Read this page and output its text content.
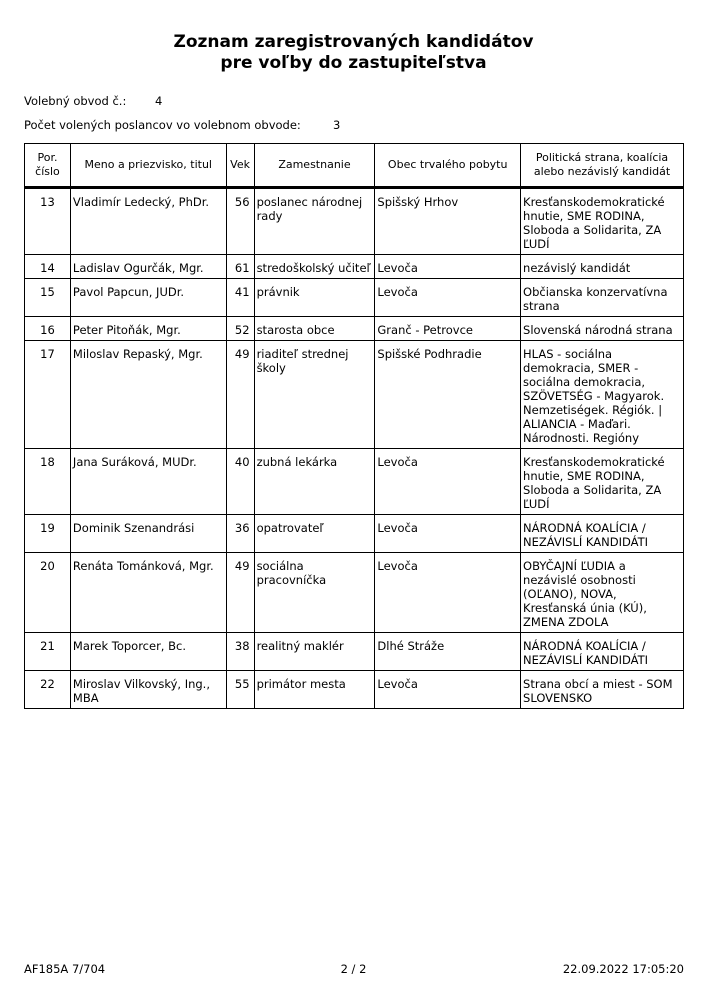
Zoznam zaregistrovaných kandidátov
pre voľby do zastupiteľstva
Volebný obvod č.: 4
Počet volených poslancov vo volebnom obvode:	3
Por. číslo	Meno a priezvisko, titul	Vek	Zamestnanie	Obec trvalého pobytu	Politická strana, koalícia alebo nezávislý kandidát
13	Vladimír Ledecký, PhDr.	56	poslanec národnej rady	Spišský Hrhov	Kresťanskodemokratické hnutie, SME RODINA, Sloboda a Solidarita, ZA ĽUDÍ
14	Ladislav Ogurčák, Mgr.	61	stredoškolský učiteľ	Levoča	nezávislý kandidát
15	Pavol Papcun, JUDr.	41	právnik	Levoča	Občianska konzervatívna strana
16	Peter Pitoňák, Mgr.	52	starosta obce	Granč - Petrovce	Slovenská národná strana
17	Miloslav Repaský, Mgr.	49	riaditeľ strednej školy	Spišské Podhradie	HLAS - sociálna demokracia, SMER - sociálna demokracia, SZÖVETSÉG - Magyarok. Nemzetiségek. Régiók. | ALIANCIA - Maďari. Národnosti. Regióny
18	Jana Suráková, MUDr.	40	zubná lekárka	Levoča	Kresťanskodemokratické hnutie, SME RODINA, Sloboda a Solidarita, ZA ĽUDÍ
19	Dominik Szenandrási	36	opatrovateľ	Levoča	NÁRODNÁ KOALÍCIA / NEZÁVISLÍ KANDIDÁTI
20	Renáta Tománková, Mgr.	49	sociálna pracovníčka	Levoča	OBYČAJNÍ ĽUDIA a nezávislé osobnosti (OĽANO), NOVA, Kresťanská únia (KÚ), ZMENA ZDOLA
21	Marek Toporcer, Bc.	38	realitný maklér	Dlhé Stráže	NÁRODNÁ KOALÍCIA / NEZÁVISLÍ KANDIDÁTI
22	Miroslav Vilkovský, Ing., MBA	55	primátor mesta	Levoča	Strana obcí a miest - SOM SLOVENSKO
AF185A 7/704	2 / 2	22.09.2022 17:05:20
